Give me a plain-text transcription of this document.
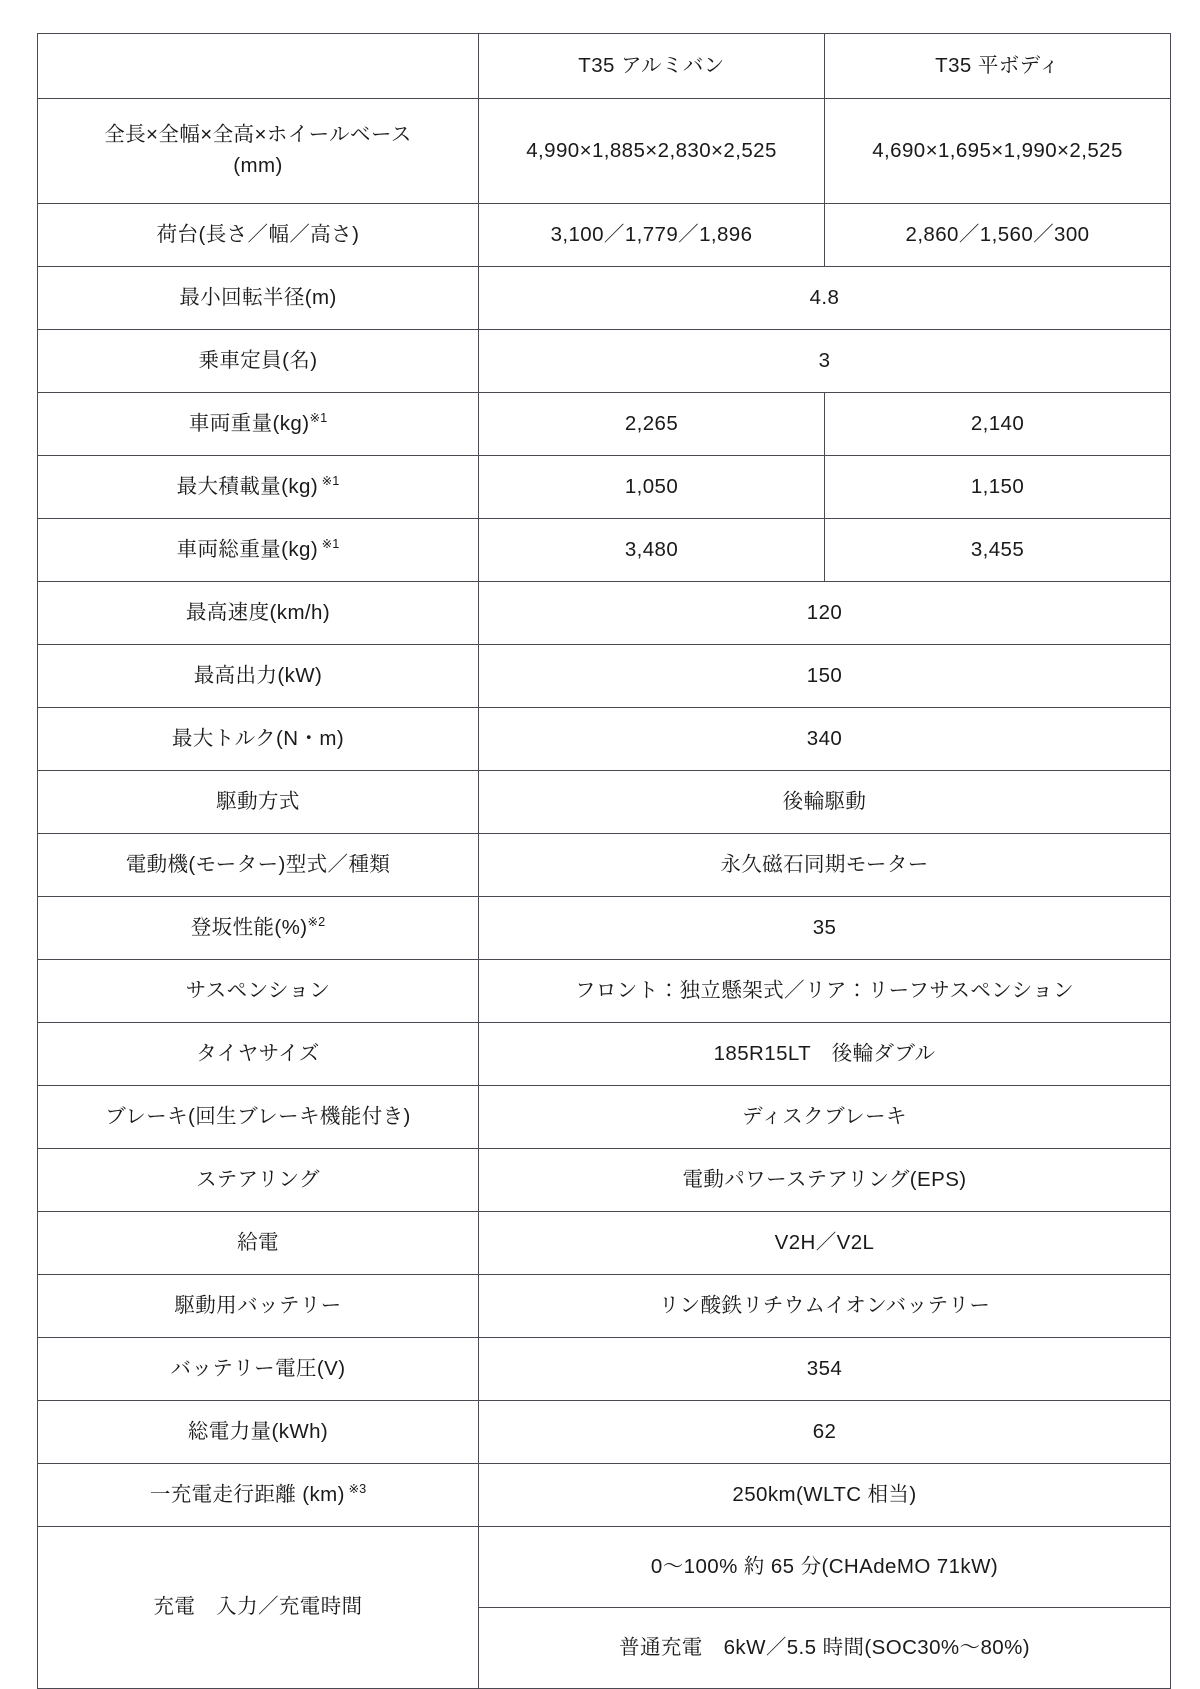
	T35 アルミバン	T35 平ボディ
全長×全幅×全高×ホイールベース
(mm)	4,990×1,885×2,830×2,525	4,690×1,695×1,990×2,525
荷台(長さ／幅／高さ)	3,100／1,779／1,896	2,860／1,560／300
最小回転半径(m)	4.8	
乗車定員(名)	3	
車両重量(kg)$^{※1}$	2,265	2,140
最大積載量(kg) $^{※1}$	1,050	1,150
車両総重量(kg) $^{※1}$	3,480	3,455
最高速度(km/h)	120	
最高出力(kW)	150	
最大トルク(N・m)	340	
駆動方式	後輪駆動	
電動機(モーター)型式／種類	永久磁石同期モーター	
登坂性能(%)$^{※2}$	35	
サスペンション	フロント：独立懸架式／リア：リーフサスペンション	
タイヤサイズ	185R15LT　後輪ダブル	
ブレーキ(回生ブレーキ機能付き)	ディスクブレーキ	
ステアリング	電動パワーステアリング(EPS)	
給電	V2H／V2L	
駆動用バッテリー	リン酸鉄リチウムイオンバッテリー	
バッテリー電圧(V)	354	
総電力量(kWh)	62	
一充電走行距離 (km) $^{※3}$	250km(WLTC 相当)	
充電　入力／充電時間	0〜100% 約 65 分(CHAdeMO 71kW)	
	普通充電　6kW／5.5 時間(SOC30%〜80%)	
